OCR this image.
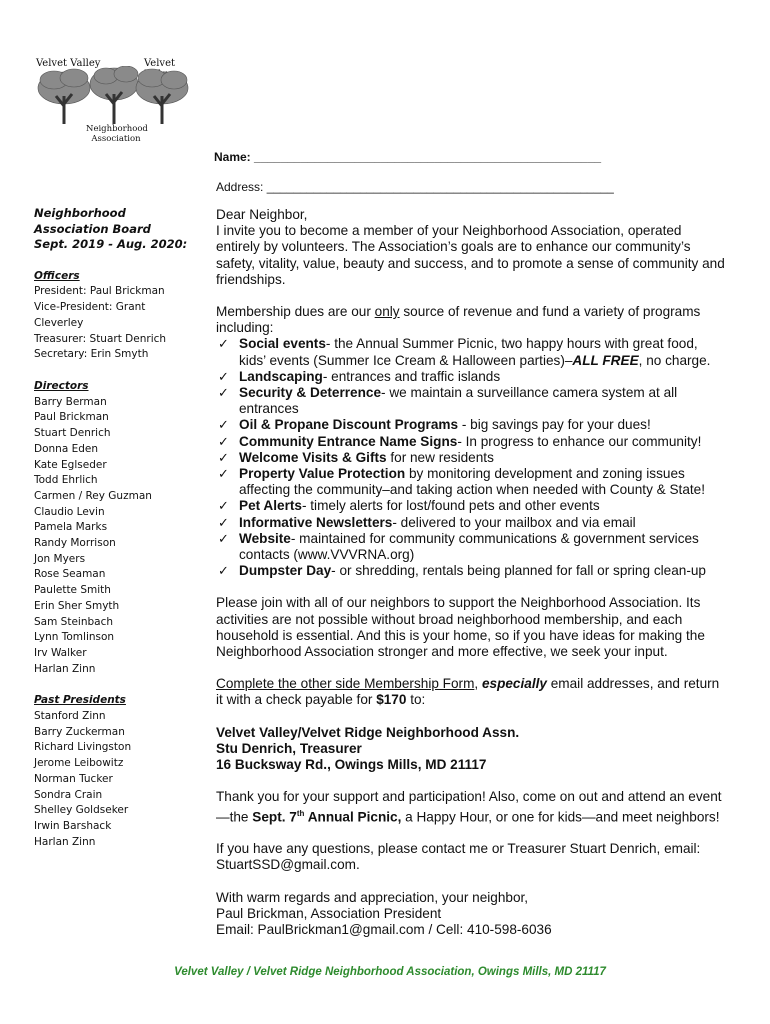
Velvet Valley	Velvet
Neighborhood
Association
Name: ____________________________________________________
Address: ____________________________________________________
Neighborhood
Association Board
Sept. 2019 - Aug. 2020:
Officers
President: Paul Brickman
Vice-President: Grant
Cleverley
Treasurer: Stuart Denrich
Secretary: Erin Smyth
Directors
Barry Berman
Paul Brickman
Stuart Denrich
Donna Eden
Kate Eglseder
Todd Ehrlich
Carmen / Rey Guzman
Claudio Levin
Pamela Marks
Randy Morrison
Jon Myers
Rose Seaman
Paulette Smith
Erin Sher Smyth
Sam Steinbach
Lynn Tomlinson
Irv Walker
Harlan Zinn
Past Presidents
Stanford Zinn
Barry Zuckerman
Richard Livingston
Jerome Leibowitz
Norman Tucker
Sondra Crain
Shelley Goldseker
Irwin Barshack
Harlan Zinn

Dear Neighbor,

I invite you to become a member of your Neighborhood Association, operated entirely by volunteers. The Association’s goals are to enhance our community’s safety, vitality, value, beauty and success, and to promote a sense of community and friendships.

Membership dues are our only source of revenue and fund a variety of programs including:

✓ Social events- the Annual Summer Picnic, two happy hours with great food, kids’ events (Summer Ice Cream & Halloween parties)–ALL FREE, no charge.
✓ Landscaping- entrances and traffic islands
✓ Security & Deterrence- we maintain a surveillance camera system at all entrances
✓ Oil & Propane Discount Programs - big savings pay for your dues!
✓ Community Entrance Name Signs- In progress to enhance our community!
✓ Welcome Visits & Gifts for new residents
✓ Property Value Protection by monitoring development and zoning issues affecting the community–and taking action when needed with County & State!
✓ Pet Alerts- timely alerts for lost/found pets and other events
✓ Informative Newsletters- delivered to your mailbox and via email
✓ Website- maintained for community communications & government services contacts (www.VVVRNA.org)
✓ Dumpster Day- or shredding, rentals being planned for fall or spring clean-up

Please join with all of our neighbors to support the Neighborhood Association. Its activities are not possible without broad neighborhood membership, and each household is essential. And this is your home, so if you have ideas for making the Neighborhood Association stronger and more effective, we seek your input.

Complete the other side Membership Form, especially email addresses, and return it with a check payable for $170 to:

Velvet Valley/Velvet Ridge Neighborhood Assn.

Stu Denrich, Treasurer

16 Bucksway Rd., Owings Mills, MD 21117

Thank you for your support and participation! Also, come on out and attend an event—the Sept. 7th Annual Picnic, a Happy Hour, or one for kids—and meet neighbors!

If you have any questions, please contact me or Treasurer Stuart Denrich, email: StuartSSD@gmail.com.

With warm regards and appreciation, your neighbor,

Paul Brickman, Association President

Email: PaulBrickman1@gmail.com / Cell: 410-598-6036

Velvet Valley / Velvet Ridge Neighborhood Association, Owings Mills, MD 21117
